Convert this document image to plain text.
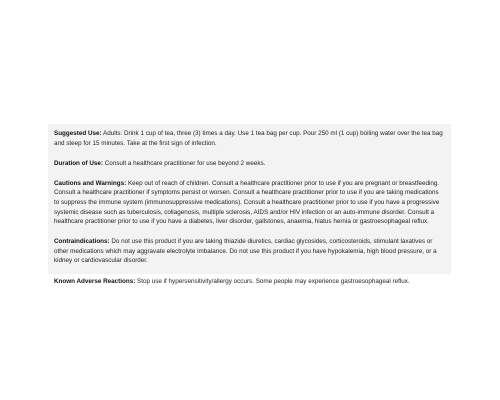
Suggested Use: Adults: Drink 1 cup of tea, three (3) times a day. Use 1 tea bag per cup. Pour 250 ml (1 cup) boiling water over the tea bag and steep for 15 minutes. Take at the first sign of infection.

Duration of Use: Consult a healthcare practitioner for use beyond 2 weeks.

Cautions and Warnings: Keep out of reach of children. Consult a healthcare practitioner prior to use if you are pregnant or breastfeeding. Consult a healthcare practitioner if symptoms persist or worsen. Consult a healthcare practitioner prior to use if you are taking medications to suppress the immune system (immunosuppressive medications). Consult a healthcare practitioner prior to use if you have a progressive systemic disease such as tuberculosis, collagenosis, multiple sclerosis, AIDS and/or HIV infection or an auto-immune disorder. Consult a healthcare practitioner prior to use if you have a diabetes, liver disorder, gallstones, anaemia, hiatus hernia or gastroesophageal reflux.

Contraindications: Do not use this product if you are taking thiazide diuretics, cardiac glycosides, corticosteroids, stimulant laxatives or other medications which may aggravate electrolyte imbalance. Do not use this product if you have hypokalemia, high blood pressure, or a kidney or cardiovascular disorder.

Known Adverse Reactions: Stop use if hypersensitivity/allergy occurs. Some people may experience gastroesophageal reflux.
